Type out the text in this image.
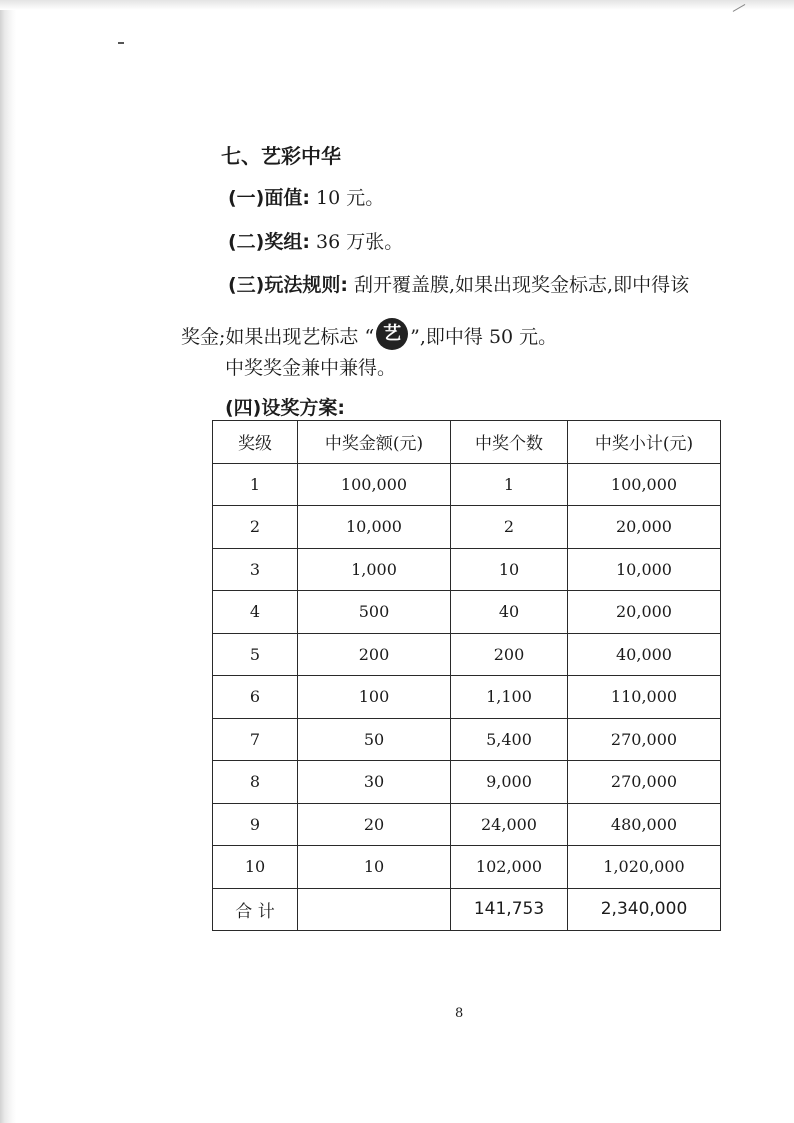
七、艺彩中华
(一)面值: 10 元。
(二)奖组: 36 万张。
(三)玩法规则: 刮开覆盖膜,如果出现奖金标志,即中得该
奖金;如果出现艺标志 “ 艺 ”,即中得 50 元。
中奖奖金兼中兼得。
(四)设奖方案:
奖级	中奖金额(元)	中奖个数	中奖小计(元)
1	100,000	1	100,000
2	10,000	2	20,000
3	1,000	10	10,000
4	500	40	20,000
5	200	200	40,000
6	100	1,100	110,000
7	50	5,400	270,000
8	30	9,000	270,000
9	20	24,000	480,000
10	10	102,000	1,020,000
合 计		141,753	2,340,000
8
